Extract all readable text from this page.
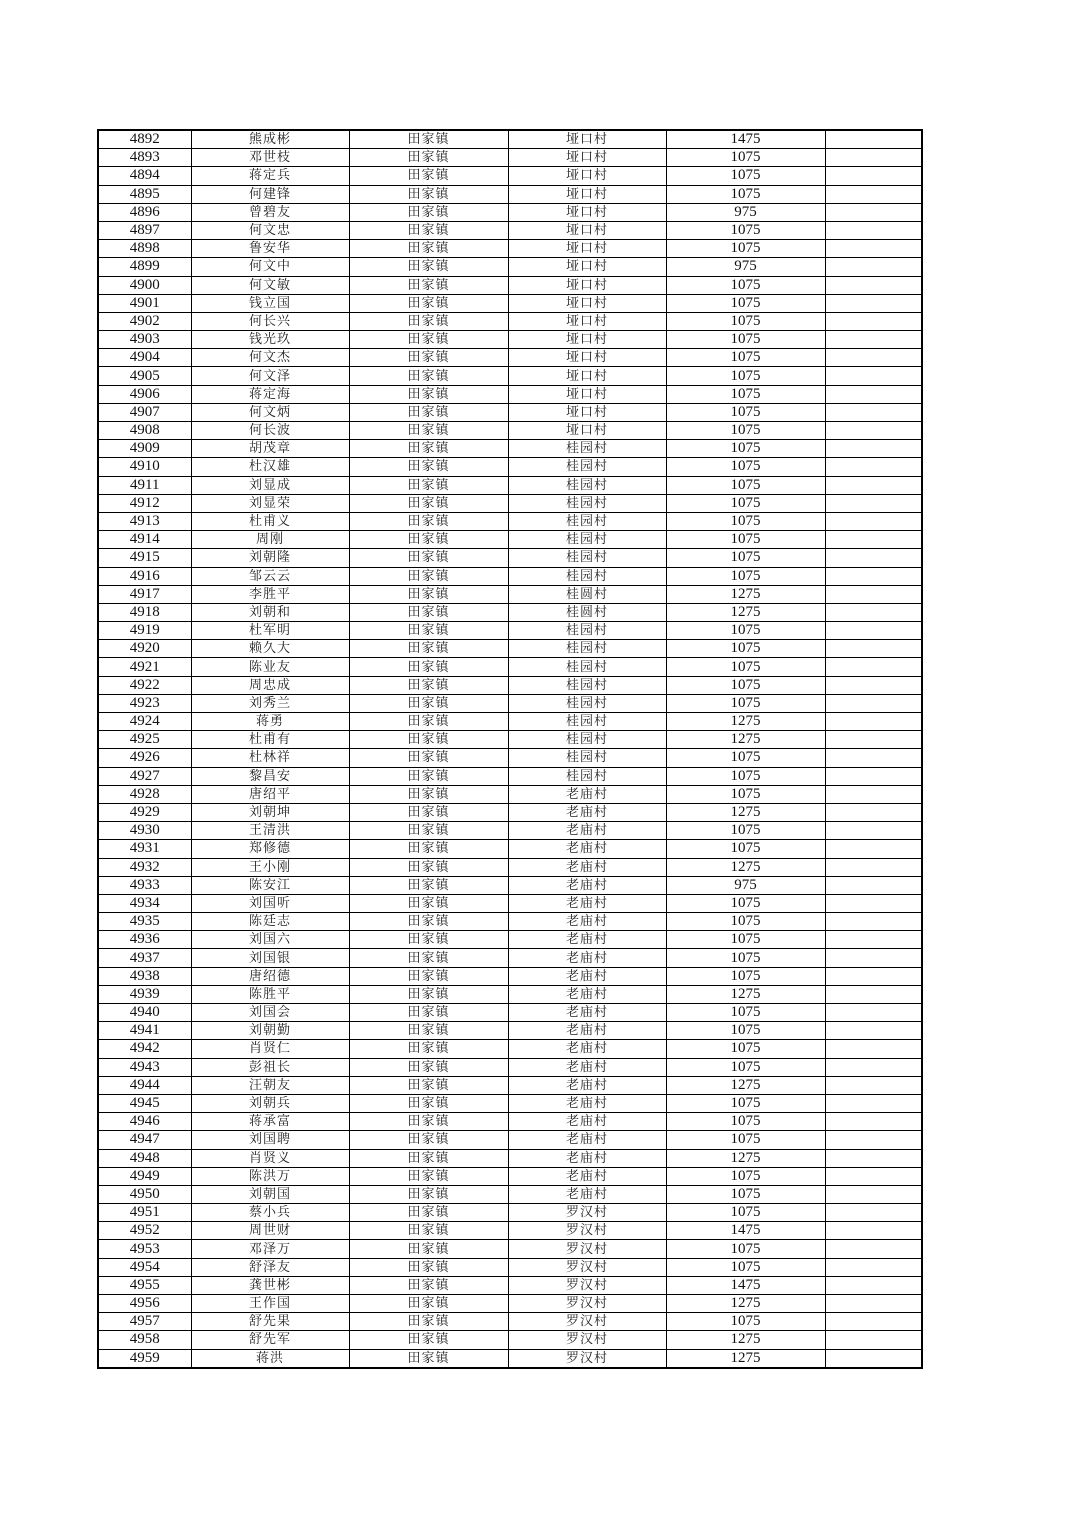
4892	熊成彬	田家镇	垭口村	1475	
4893	邓世枝	田家镇	垭口村	1075	
4894	蒋定兵	田家镇	垭口村	1075	
4895	何建锋	田家镇	垭口村	1075	
4896	曾碧友	田家镇	垭口村	975	
4897	何文忠	田家镇	垭口村	1075	
4898	鲁安华	田家镇	垭口村	1075	
4899	何文中	田家镇	垭口村	975	
4900	何文敏	田家镇	垭口村	1075	
4901	钱立国	田家镇	垭口村	1075	
4902	何长兴	田家镇	垭口村	1075	
4903	钱光玖	田家镇	垭口村	1075	
4904	何文杰	田家镇	垭口村	1075	
4905	何文泽	田家镇	垭口村	1075	
4906	蒋定海	田家镇	垭口村	1075	
4907	何文炳	田家镇	垭口村	1075	
4908	何长波	田家镇	垭口村	1075	
4909	胡茂章	田家镇	桂园村	1075	
4910	杜汉雄	田家镇	桂园村	1075	
4911	刘显成	田家镇	桂园村	1075	
4912	刘显荣	田家镇	桂园村	1075	
4913	杜甫义	田家镇	桂园村	1075	
4914	周刚	田家镇	桂园村	1075	
4915	刘朝隆	田家镇	桂园村	1075	
4916	邹云云	田家镇	桂园村	1075	
4917	李胜平	田家镇	桂圆村	1275	
4918	刘朝和	田家镇	桂圆村	1275	
4919	杜军明	田家镇	桂园村	1075	
4920	赖久大	田家镇	桂园村	1075	
4921	陈业友	田家镇	桂园村	1075	
4922	周忠成	田家镇	桂园村	1075	
4923	刘秀兰	田家镇	桂园村	1075	
4924	蒋勇	田家镇	桂园村	1275	
4925	杜甫有	田家镇	桂园村	1275	
4926	杜林祥	田家镇	桂园村	1075	
4927	黎昌安	田家镇	桂园村	1075	
4928	唐绍平	田家镇	老庙村	1075	
4929	刘朝坤	田家镇	老庙村	1275	
4930	王清洪	田家镇	老庙村	1075	
4931	郑修德	田家镇	老庙村	1075	
4932	王小刚	田家镇	老庙村	1275	
4933	陈安江	田家镇	老庙村	975	
4934	刘国听	田家镇	老庙村	1075	
4935	陈廷志	田家镇	老庙村	1075	
4936	刘国六	田家镇	老庙村	1075	
4937	刘国银	田家镇	老庙村	1075	
4938	唐绍德	田家镇	老庙村	1075	
4939	陈胜平	田家镇	老庙村	1275	
4940	刘国会	田家镇	老庙村	1075	
4941	刘朝勤	田家镇	老庙村	1075	
4942	肖贤仁	田家镇	老庙村	1075	
4943	彭祖长	田家镇	老庙村	1075	
4944	汪朝友	田家镇	老庙村	1275	
4945	刘朝兵	田家镇	老庙村	1075	
4946	蒋承富	田家镇	老庙村	1075	
4947	刘国聘	田家镇	老庙村	1075	
4948	肖贤义	田家镇	老庙村	1275	
4949	陈洪万	田家镇	老庙村	1075	
4950	刘朝国	田家镇	老庙村	1075	
4951	蔡小兵	田家镇	罗汉村	1075	
4952	周世财	田家镇	罗汉村	1475	
4953	邓泽万	田家镇	罗汉村	1075	
4954	舒泽友	田家镇	罗汉村	1075	
4955	龚世彬	田家镇	罗汉村	1475	
4956	王作国	田家镇	罗汉村	1275	
4957	舒先果	田家镇	罗汉村	1075	
4958	舒先军	田家镇	罗汉村	1275	
4959	蒋洪	田家镇	罗汉村	1275	
